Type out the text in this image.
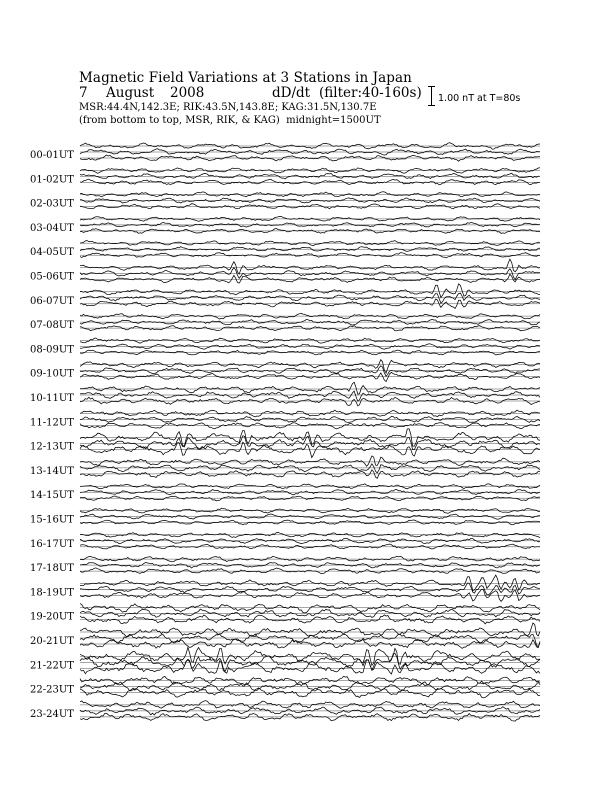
Magnetic Field Variations at 3 Stations in Japan
7 August 2008	dD/dt (filter:40-160s)
MSR:44.4N,142.3E; RIK:43.5N,143.8E; KAG:31.5N,130.7E
(from bottom to top, MSR, RIK, & KAG) midnight=1500UT
1.00 nT at T=80s
00-01UT
01-02UT
02-03UT
03-04UT
04-05UT
05-06UT
06-07UT
07-08UT
08-09UT
09-10UT
10-11UT
11-12UT
12-13UT
13-14UT
14-15UT
15-16UT
16-17UT
17-18UT
18-19UT
19-20UT
20-21UT
21-22UT
22-23UT
23-24UT
